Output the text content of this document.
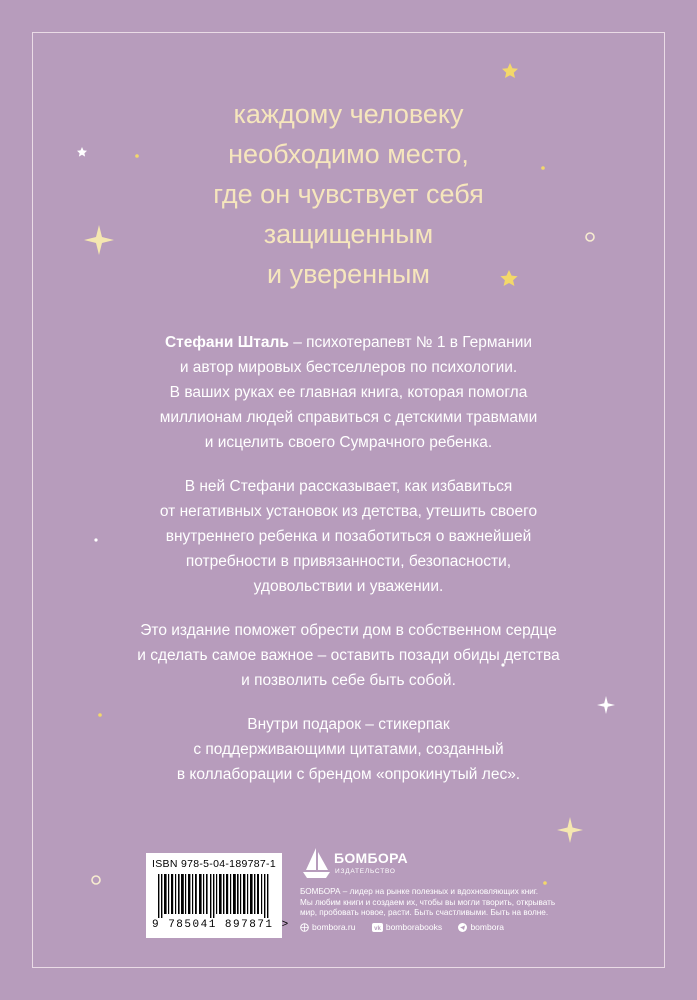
каждому человеку
необходимо место,
где он чувствует себя
защищенным
и уверенным
Стефани Шталь – психотерапевт № 1 в Германии
и автор мировых бестселлеров по психологии.
В ваших руках ее главная книга, которая помогла
миллионам людей справиться с детскими травмами
и исцелить своего Сумрачного ребенка.
В ней Стефани рассказывает, как избавиться
от негативных установок из детства, утешить своего
внутреннего ребенка и позаботиться о важнейшей
потребности в привязанности, безопасности,
удовольствии и уважении.
Это издание поможет обрести дом в собственном сердце
и сделать самое важное – оставить позади обиды детства
и позволить себе быть собой.
Внутри подарок – стикерпак
с поддерживающими цитатами, созданный
в коллаборации с брендом «опрокинутый лес».
ISBN 978-5-04-189787-1
9 785041 897871 >
БОМБОРА
ИЗДАТЕЛЬСТВО
БОМБОРА – лидер на рынке полезных и вдохновляющих книг.
Мы любим книги и создаем их, чтобы вы могли творить, открывать
мир, пробовать новое, расти. Быть счастливыми. Быть на волне.
bombora.ru
	vk bomborabooks
	bombora
